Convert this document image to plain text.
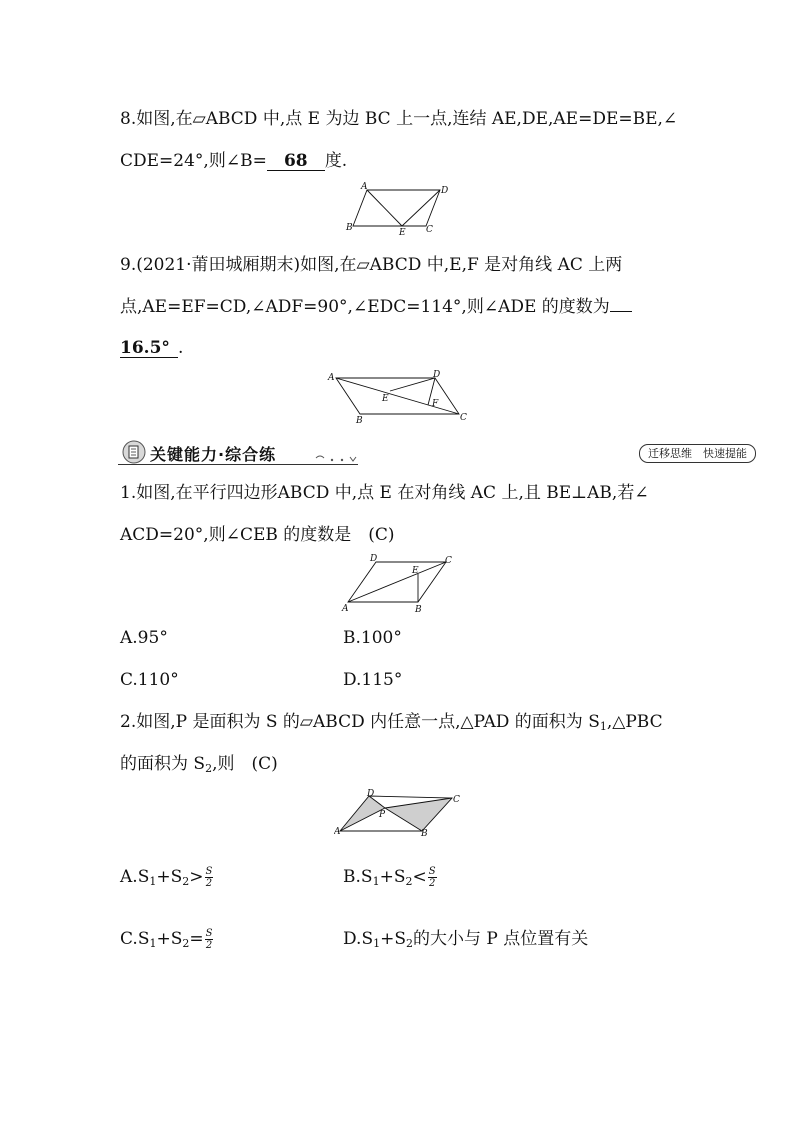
8.如图,在▱ABCD 中,点 E 为边 BC 上一点,连结 AE,DE,AE=DE=BE,∠
CDE=24°,则∠B= 68 度.
A	D
B	E C
9.(2021·莆田城厢期末)如图,在▱ABCD 中,E,F 是对角线 AC 上两
点,AE=EF=CD,∠ADF=90°,∠EDC=114°,则∠ADE 的度数为
16.5° .
A	D
E	F
B	C
关键能力·综合练	迁移思维　快速提能
1.如图,在平行四边形ABCD 中,点 E 在对角线 AC 上,且 BE⊥AB,若∠
ACD=20°,则∠CEB 的度数是　(C)
D	C
E
A	B
A.95°	B.100°
C.110°	D.115°
2.如图,P 是面积为 S 的▱ABCD 内任意一点,△PAD 的面积为 $S_1,\triangle PBC$
的面积为 $S_2$,则　(C)
D
C
P
A	B
$A.S_1+S_2> \frac{S}{2}$	$B.S_1+S_2< \frac{S}{2}$
$C.S_1+S_2= \frac{S}{2}$	$D.S_1+S_2$的大小与 P 点位置有关
